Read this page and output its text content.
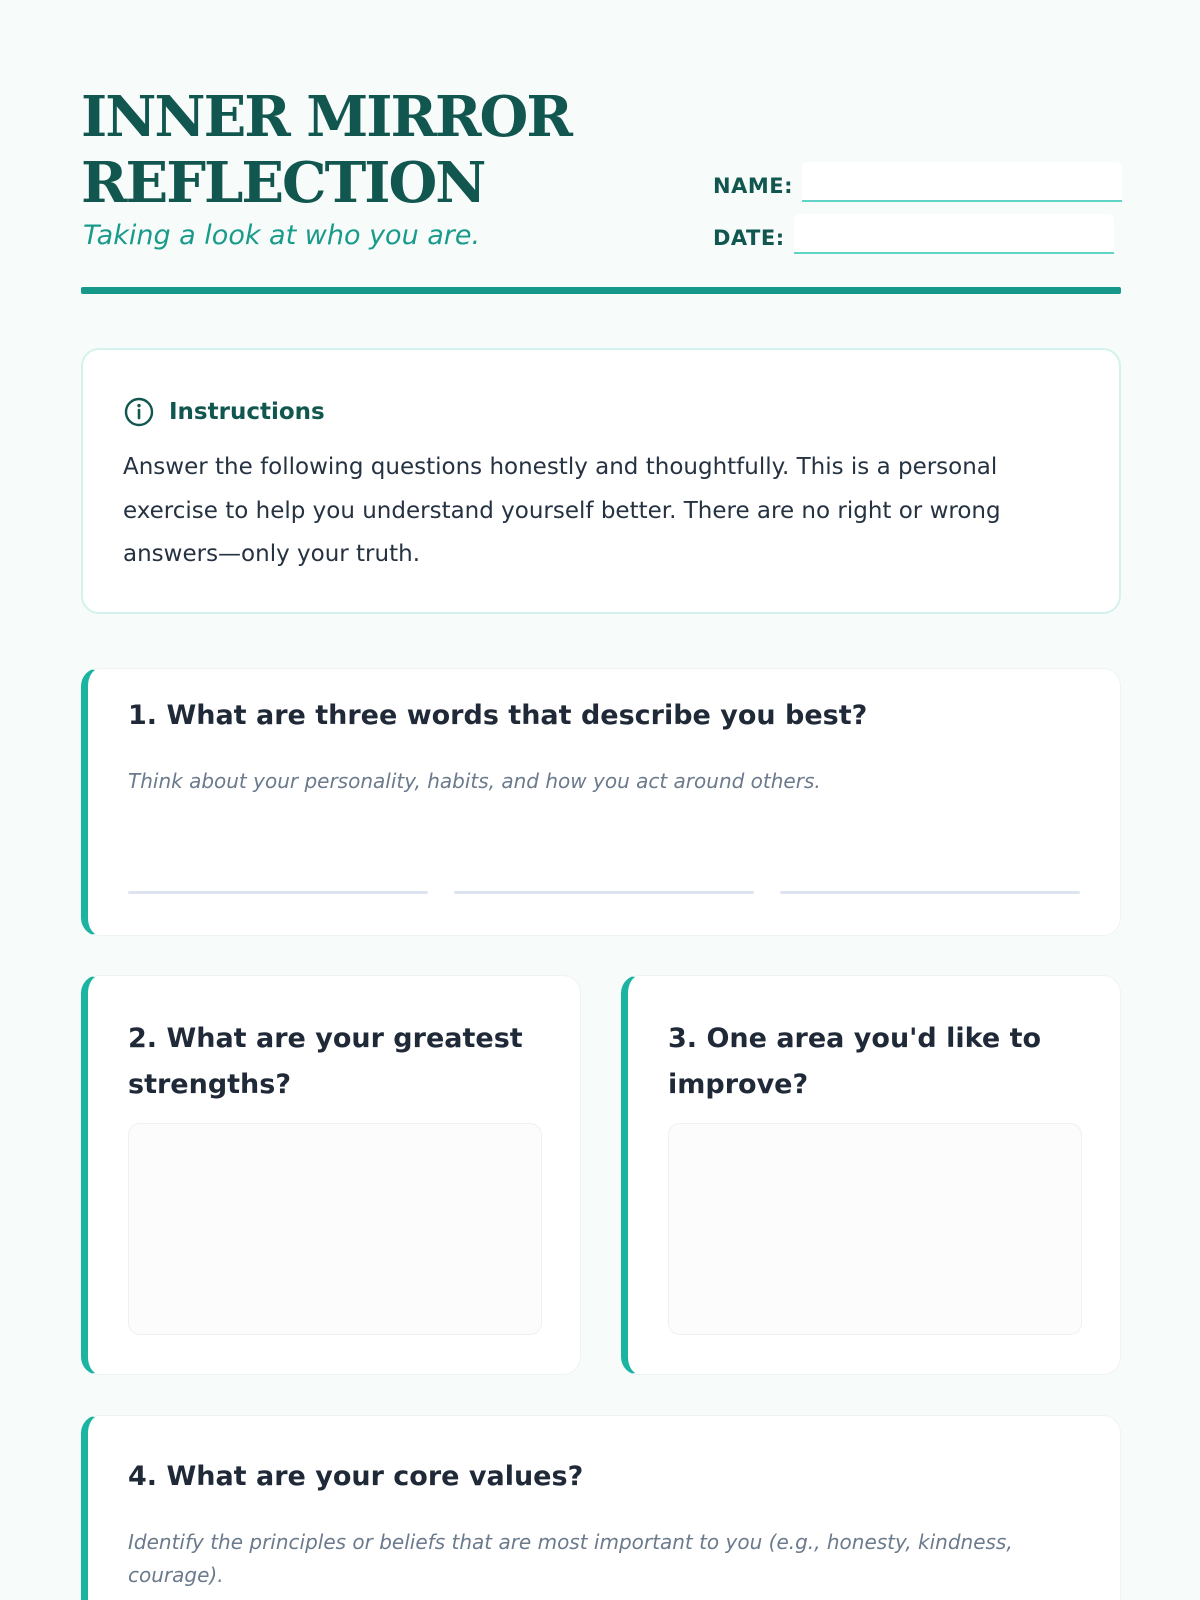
INNER MIRROR REFLECTION
Taking a look at who you are.
NAME:
DATE:
Instructions

Answer the following questions honestly and thoughtfully. This is a personal exercise to help you understand yourself better. There are no right or wrong answers—only your truth.

1. What are three words that describe you best?
Think about your personality, habits, and how you act around others.
2. What are your greatest strengths?
3. One area you'd like to improve?
4. What are your core values?
Identify the principles or beliefs that are most important to you (e.g., honesty, kindness, courage).
